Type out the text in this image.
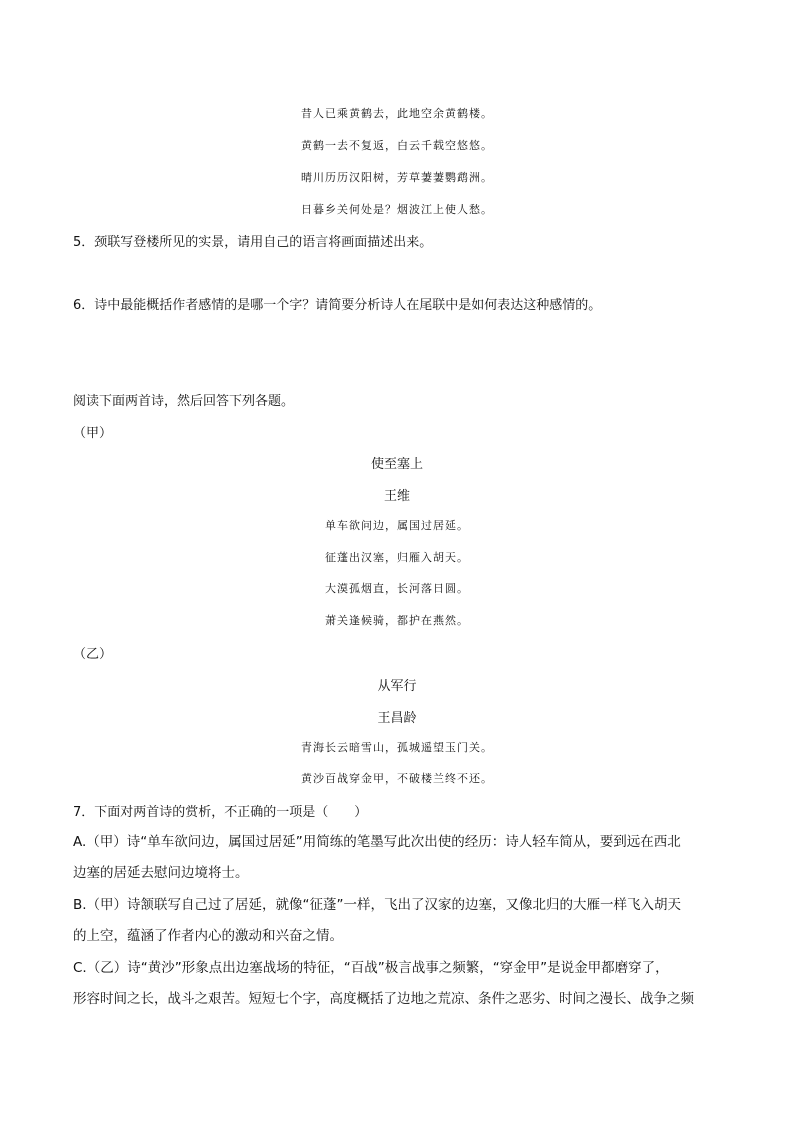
昔人已乘黄鹤去，此地空余黄鹤楼。
黄鹤一去不复返，白云千载空悠悠。
晴川历历汉阳树，芳草萋萋鹦鹉洲。
日暮乡关何处是？烟波江上使人愁。
5．颈联写登楼所见的实景，请用自己的语言将画面描述出来。
6．诗中最能概括作者感情的是哪一个字？请简要分析诗人在尾联中是如何表达这种感情的。
阅读下面两首诗，然后回答下列各题。
（甲）
使至塞上
王维
单车欲问边，属国过居延。
征蓬出汉塞，归雁入胡天。
大漠孤烟直，长河落日圆。
萧关逢候骑，都护在燕然。
（乙）
从军行
王昌龄
青海长云暗雪山，孤城遥望玉门关。
黄沙百战穿金甲，不破楼兰终不还。
7．下面对两首诗的赏析，不正确的一项是（　　）
A.（甲）诗“单车欲问边，属国过居延”用简练的笔墨写此次出使的经历：诗人轻车简从，要到远在西北
边塞的居延去慰问边境将士。
B.（甲）诗颔联写自己过了居延，就像“征蓬”一样，飞出了汉家的边塞，又像北归的大雁一样飞入胡天
的上空，蕴涵了作者内心的激动和兴奋之情。
C.（乙）诗“黄沙”形象点出边塞战场的特征，“百战”极言战事之频繁，“穿金甲”是说金甲都磨穿了，
形容时间之长，战斗之艰苦。短短七个字，高度概括了边地之荒凉、条件之恶劣、时间之漫长、战争之频
